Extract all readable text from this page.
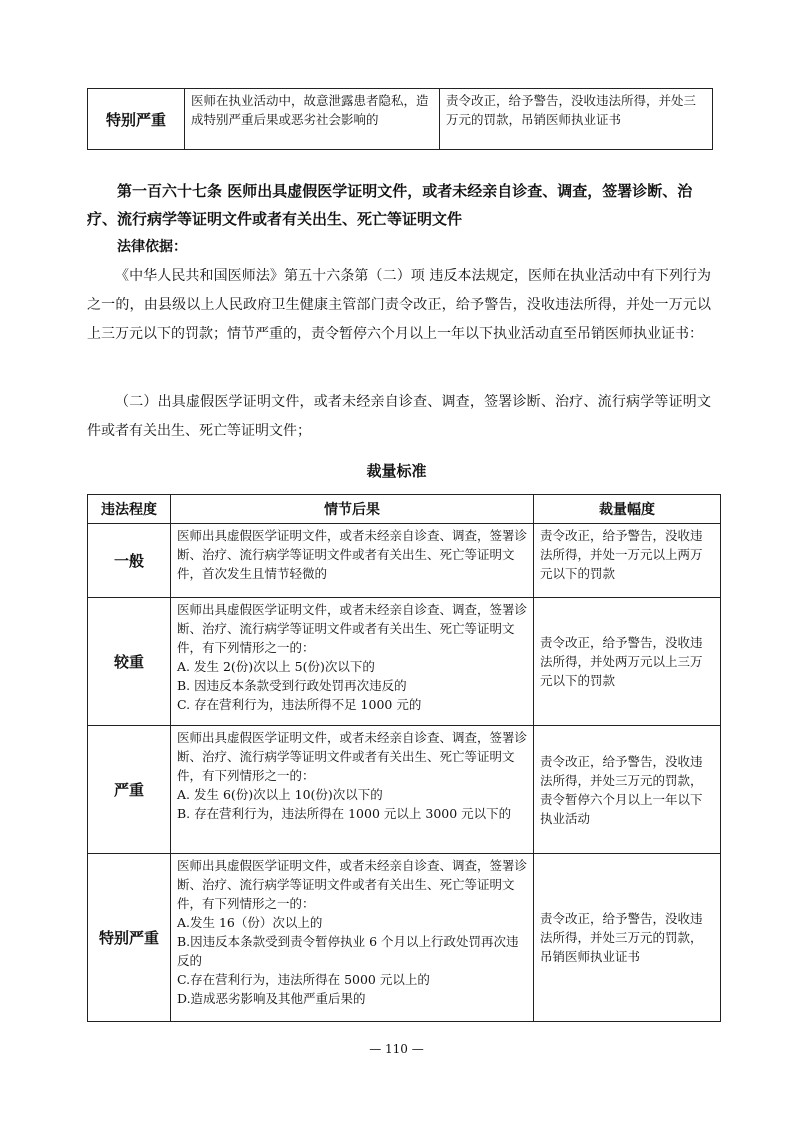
特别严重	医师在执业活动中，故意泄露患者隐私，造成特别严重后果或恶劣社会影响的	责令改正，给予警告，没收违法所得，并处三万元的罚款，吊销医师执业证书
第一百六十七条 医师出具虚假医学证明文件，或者未经亲自诊查、调查，签署诊断、治疗、流行病学等证明文件或者有关出生、死亡等证明文件
法律依据：
《中华人民共和国医师法》第五十六条第（二）项 违反本法规定，医师在执业活动中有下列行为之一的，由县级以上人民政府卫生健康主管部门责令改正，给予警告，没收违法所得，并处一万元以上三万元以下的罚款；情节严重的，责令暂停六个月以上一年以下执业活动直至吊销医师执业证书：
（二）出具虚假医学证明文件，或者未经亲自诊查、调查，签署诊断、治疗、流行病学等证明文件或者有关出生、死亡等证明文件；
裁量标准
违法程度	情节后果	裁量幅度
一般	医师出具虚假医学证明文件，或者未经亲自诊查、调查，签署诊断、治疗、流行病学等证明文件或者有关出生、死亡等证明文件，首次发生且情节轻微的	责令改正，给予警告，没收违法所得，并处一万元以上两万元以下的罚款
较重	医师出具虚假医学证明文件，或者未经亲自诊查、调查，签署诊断、治疗、流行病学等证明文件或者有关出生、死亡等证明文件，有下列情形之一的：
A. 发生 2(份)次以上 5(份)次以下的
B. 因违反本条款受到行政处罚再次违反的
C. 存在营利行为，违法所得不足 1000 元的	责令改正，给予警告，没收违法所得，并处两万元以上三万元以下的罚款
严重	医师出具虚假医学证明文件，或者未经亲自诊查、调查，签署诊断、治疗、流行病学等证明文件或者有关出生、死亡等证明文件，有下列情形之一的：
A. 发生 6(份)次以上 10(份)次以下的
B. 存在营利行为，违法所得在 1000 元以上 3000 元以下的	责令改正，给予警告，没收违法所得，并处三万元的罚款，责令暂停六个月以上一年以下执业活动
特别严重	医师出具虚假医学证明文件，或者未经亲自诊查、调查，签署诊断、治疗、流行病学等证明文件或者有关出生、死亡等证明文件，有下列情形之一的：
A.发生 16（份）次以上的
B.因违反本条款受到责令暂停执业 6 个月以上行政处罚再次违反的
C.存在营利行为，违法所得在 5000 元以上的
D.造成恶劣影响及其他严重后果的	责令改正，给予警告，没收违法所得，并处三万元的罚款，吊销医师执业证书
— 110 —
